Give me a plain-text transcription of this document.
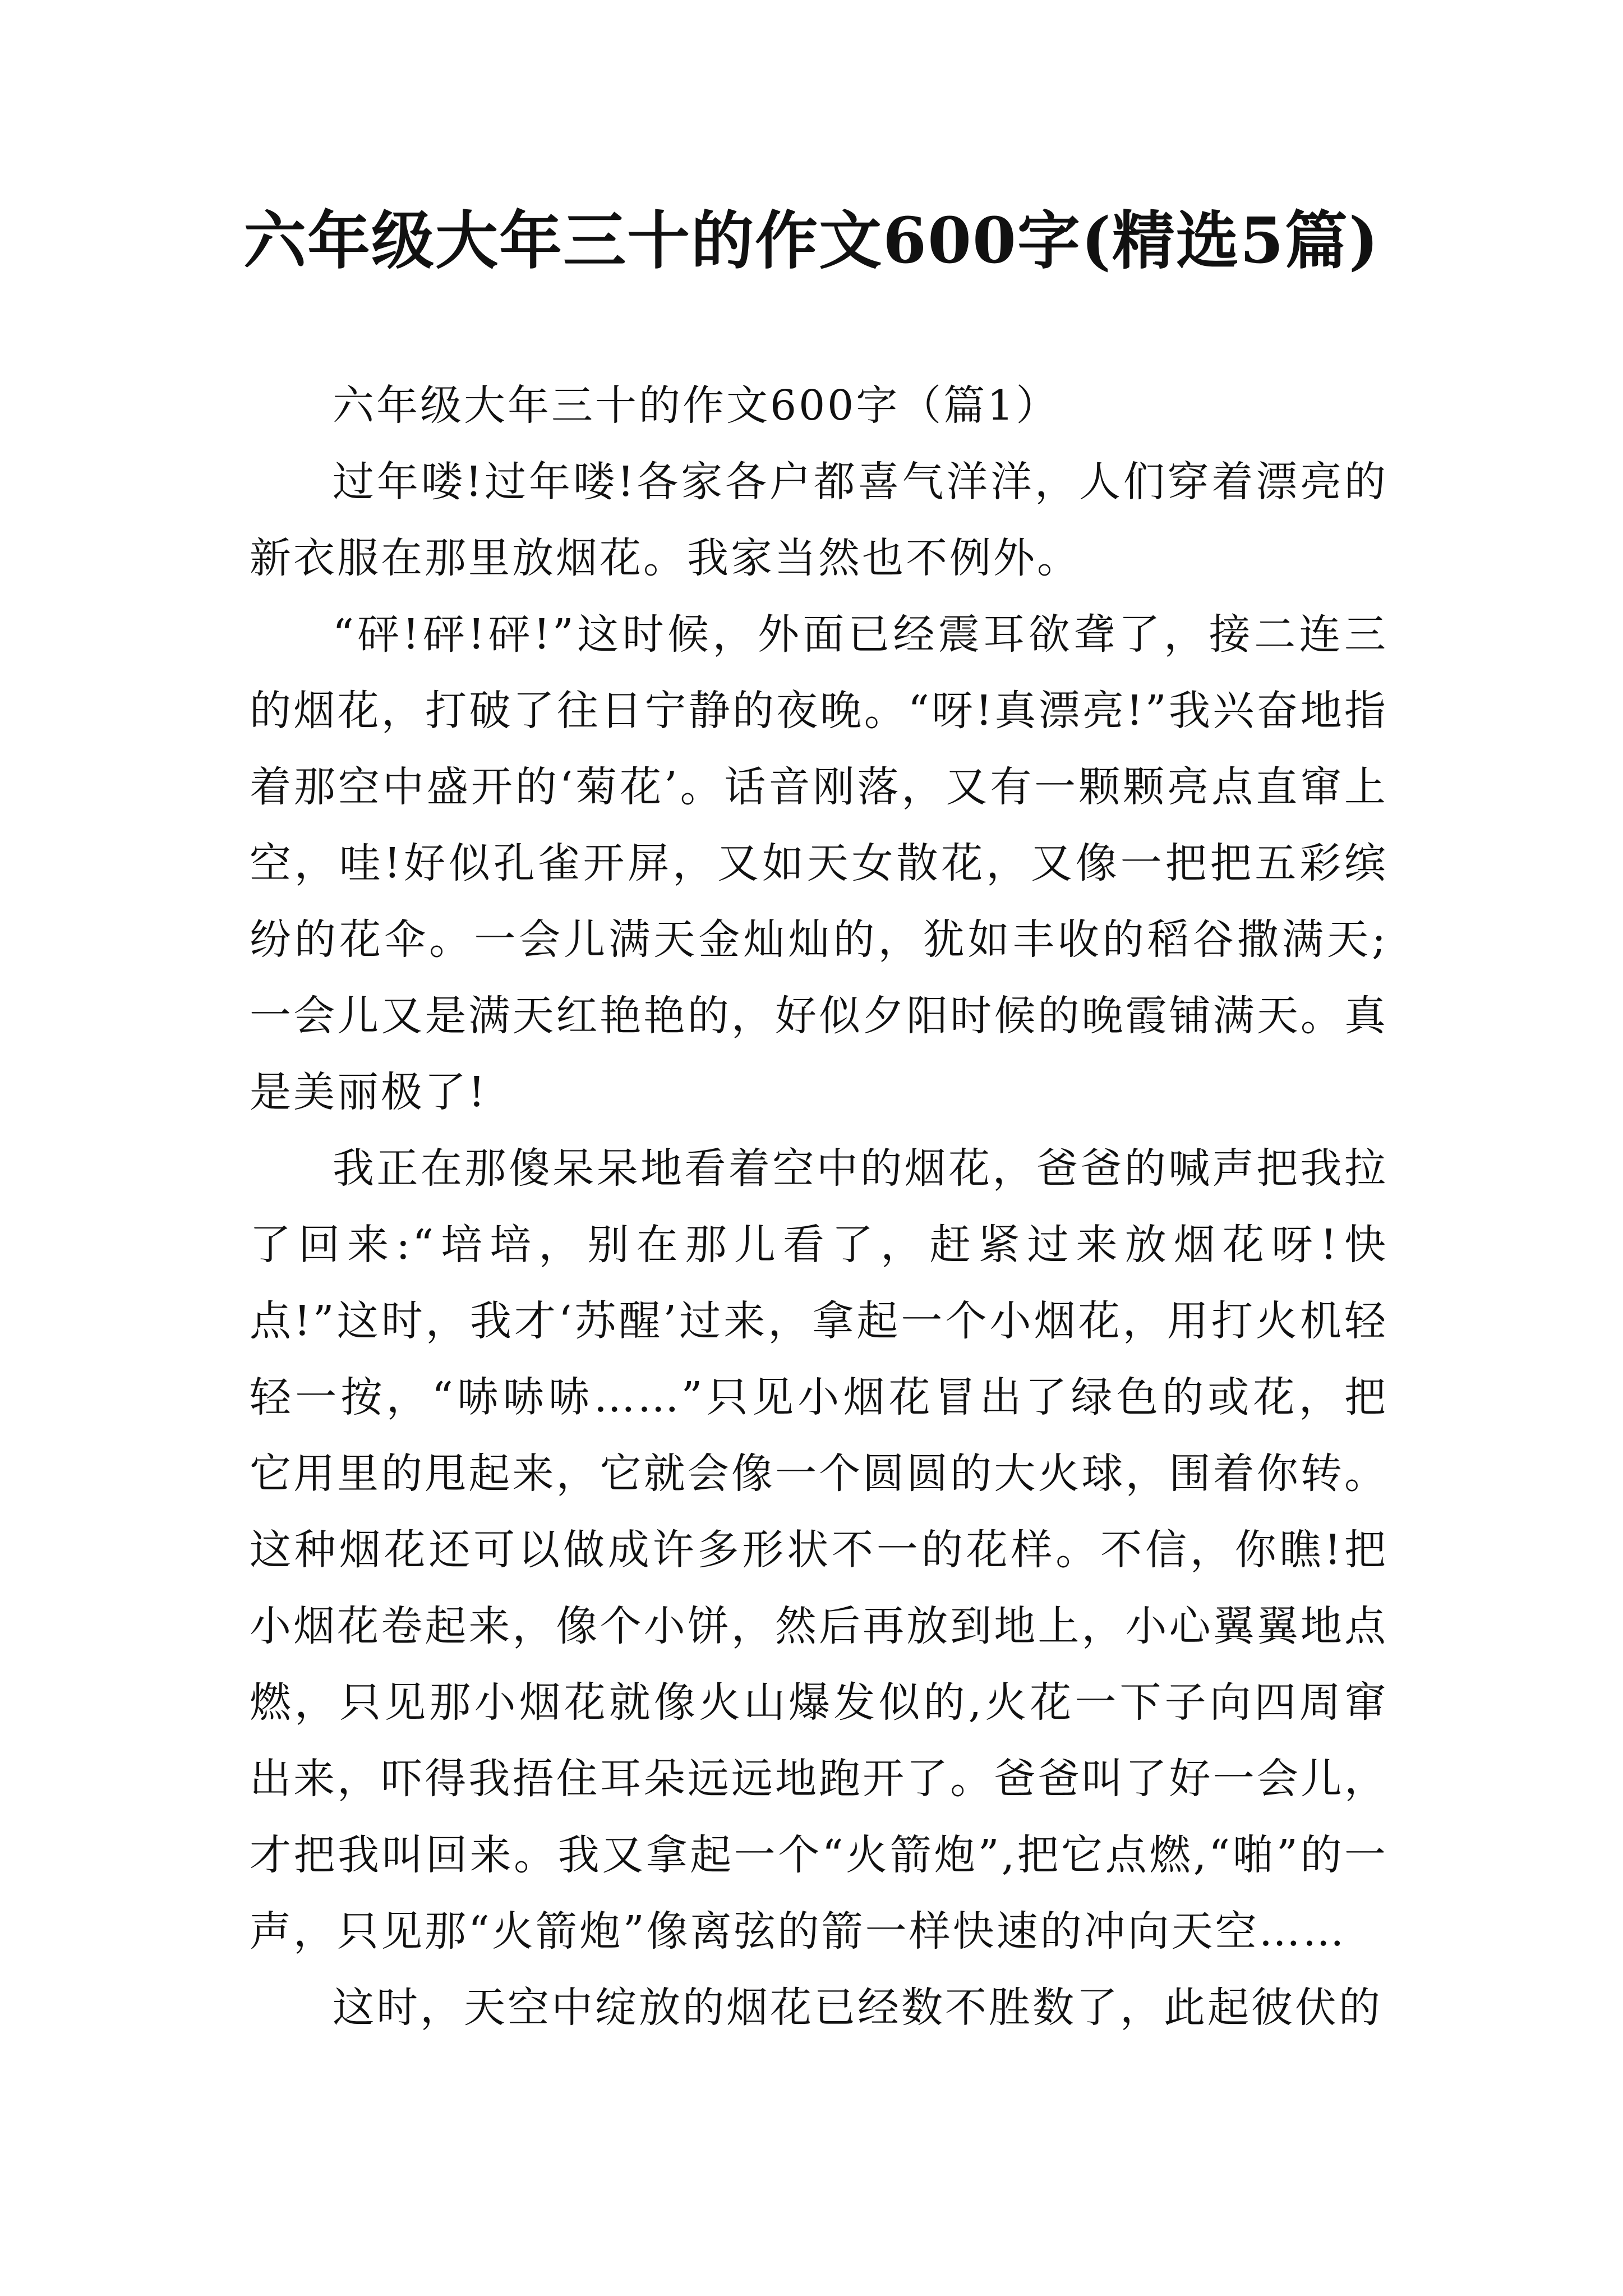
六年级大年三十的作文600字(精选5篇)

六年级大年三十的作文600字（篇1）

过年喽!过年喽!各家各户都喜气洋洋，人们穿着漂亮的新衣服在那里放烟花。我家当然也不例外。

“砰!砰!砰!”这时候，外面已经震耳欲聋了，接二连三的烟花，打破了往日宁静的夜晚。“呀!真漂亮!”我兴奋地指着那空中盛开的‘菊花’。话音刚落，又有一颗颗亮点直窜上空，哇!好似孔雀开屏，又如天女散花，又像一把把五彩缤纷的花伞。一会儿满天金灿灿的，犹如丰收的稻谷撒满天;一会儿又是满天红艳艳的，好似夕阳时候的晚霞铺满天。真是美丽极了!

我正在那傻呆呆地看着空中的烟花，爸爸的喊声把我拉了回来:“培培，别在那儿看了，赶紧过来放烟花呀!快点!”这时，我才‘苏醒’过来，拿起一个小烟花，用打火机轻轻一按，“哧哧哧……”只见小烟花冒出了绿色的或花，把它用里的甩起来，它就会像一个圆圆的大火球，围着你转。这种烟花还可以做成许多形状不一的花样。不信，你瞧!把小烟花卷起来，像个小饼，然后再放到地上，小心翼翼地点燃，只见那小烟花就像火山爆发似的,火花一下子向四周窜出来，吓得我捂住耳朵远远地跑开了。爸爸叫了好一会儿，才把我叫回来。我又拿起一个“火箭炮”,把它点燃,“啪”的一声，只见那“火箭炮”像离弦的箭一样快速的冲向天空……

这时，天空中绽放的烟花已经数不胜数了，此起彼伏的
